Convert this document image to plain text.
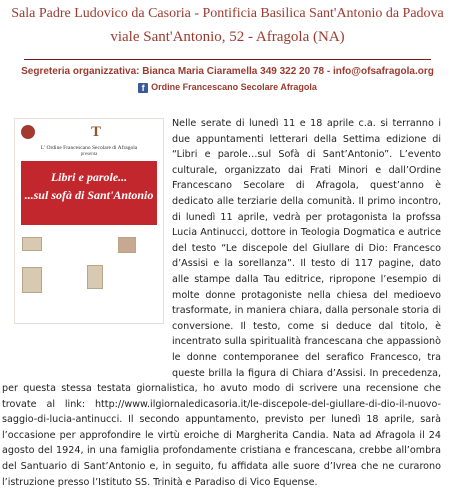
Sala Padre Ludovico da Casoria - Pontificia Basilica Sant'Antonio da Padova
viale Sant'Antonio, 52 - Afragola (NA)
Segreteria organizzativa: Bianca Maria Ciaramella 349 322 20 78 - info@ofsafragola.org
f Ordine Francescano Secolare Afragola
T
L' Ordine Francescano Secolare di Afragola
presenta
Libri e parole...
...sul sofà di Sant'Antonio

Nelle serate di lunedì 11 e 18 aprile c.a. si terranno i due appuntamenti letterari della Settima edizione di “Libri e parole…sul Sofà di Sant’Antonio”. L’evento culturale, organizzato dai Frati Minori e dall’Ordine Francescano Secolare di Afragola, quest’anno è dedicato alle terziarie della comunità. Il primo incontro, di lunedì 11 aprile, vedrà per protagonista la profssa Lucia Antinucci, dottore in Teologia Dogmatica e autrice del testo “Le discepole del Giullare di Dio: Francesco d’Assisi e la sorellanza”. Il testo di 117 pagine, dato alle stampe dalla Tau editrice, ripropone l’esempio di molte donne protagoniste nella chiesa del medioevo trasformate, in maniera chiara, dalla personale storia di conversione. Il testo, come si deduce dal titolo, è incentrato sulla spiritualità francescana che appassionò le donne contemporanee del serafico Francesco, tra queste brilla la figura di Chiara d’Assisi. In precedenza, per questa stessa testata giornalistica, ho avuto modo di scrivere una recensione che trovate al link: http://www.ilgiornaledicasoria.it/le-discepole-del-giullare-di-dio-il-nuovo-saggio-di-lucia-antinucci. Il secondo appuntamento, previsto per lunedì 18 aprile, sarà l’occasione per approfondire le virtù eroiche di Margherita Candia. Nata ad Afragola il 24 agosto del 1924, in una famiglia profondamente cristiana e francescana, crebbe all’ombra del Santuario di Sant’Antonio e, in seguito, fu affidata alle suore d’Ivrea che ne curarono l’istruzione presso l’Istituto SS. Trinità e Paradiso di Vico Equense.
